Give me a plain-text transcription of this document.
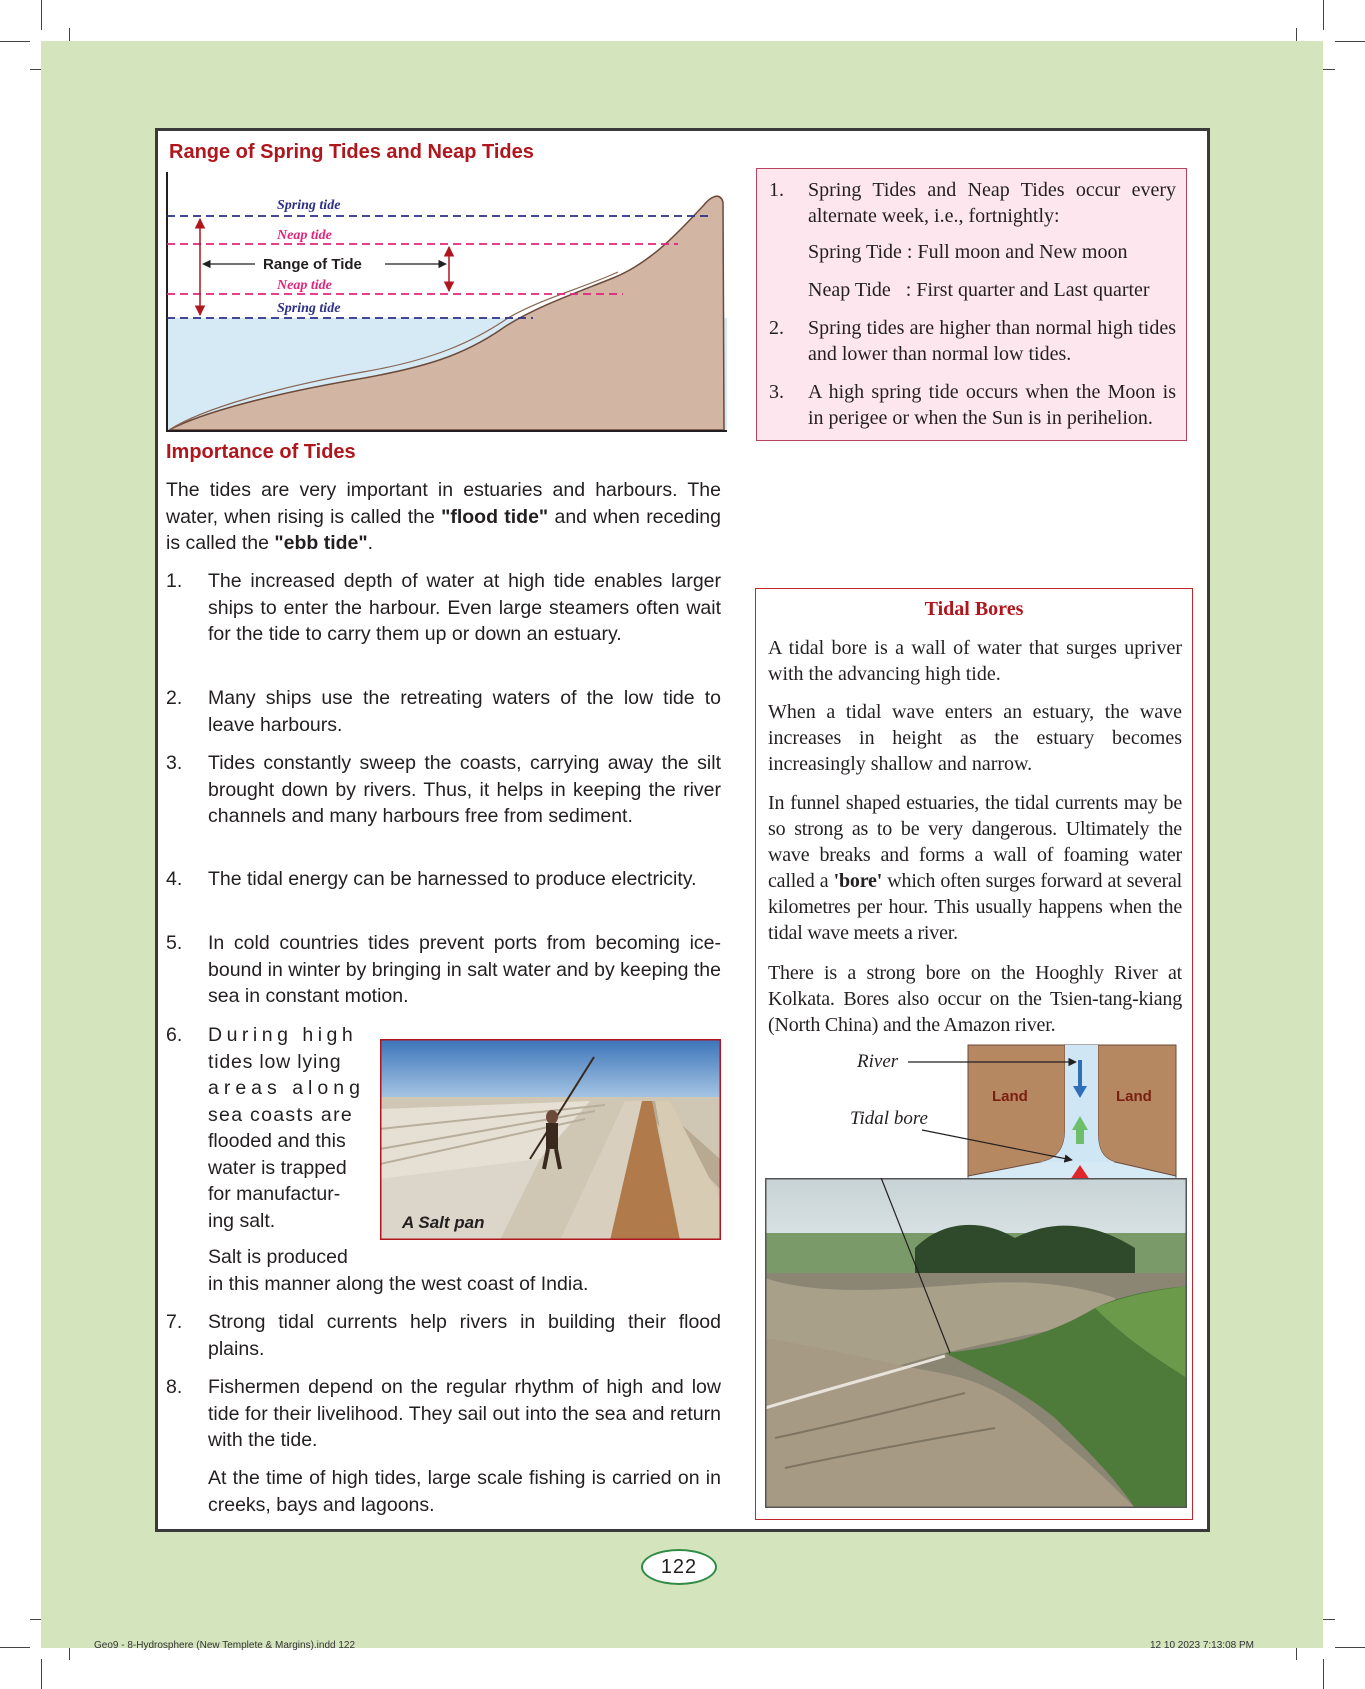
Range of Spring Tides and Neap Tides
Spring tide
Neap tide
Range of Tide
Neap tide
Spring tide
1. Spring Tides and Neap Tides occur every alternate week, i.e., fortnightly:
Spring Tide : Full moon and New moon
Neap Tide   : First quarter and Last quarter
2. Spring tides are higher than normal high tides and lower than normal low tides.
3. A high spring tide occurs when the Moon is in perigee or when the Sun is in perihelion.
Importance of Tides
The tides are very important in estuaries and harbours. The water, when rising is called the "flood tide" and when receding is called the "ebb tide".
1. The increased depth of water at high tide enables larger ships to enter the harbour. Even large steamers often wait for the tide to carry them up or down an estuary.
2. Many ships use the retreating waters of the low tide to leave harbours.
3. Tides constantly sweep the coasts, carrying away the silt brought down by rivers. Thus, it helps in keeping the river channels and many harbours free from sediment.
4. The tidal energy can be harnessed to produce electricity.
5. In cold countries tides prevent ports from becoming ice-bound in winter by bringing in salt water and by keeping the sea in constant motion.
6. During high
tides low lying
areas along
sea coasts are
flooded and this
water is trapped
for manufactur-
ing salt.	A Salt pan
Salt is produced
in this manner along the west coast of India.
7. Strong tidal currents help rivers in building their flood plains.
8. Fishermen depend on the regular rhythm of high and low tide for their livelihood. They sail out into the sea and return with the tide.
At the time of high tides, large scale fishing is carried on in creeks, bays and lagoons.
Tidal Bores
A tidal bore is a wall of water that surges upriver with the advancing high tide.
When a tidal wave enters an estuary, the wave increases in height as the estuary becomes increasingly shallow and narrow.
In funnel shaped estuaries, the tidal currents may be so strong as to be very dangerous. Ultimately the wave breaks and forms a wall of foaming water called a 'bore' which often surges forward at several kilometres per hour. This usually happens when the tidal wave meets a river.
There is a strong bore on the Hooghly River at Kolkata. Bores also occur on the Tsien-tang-kiang (North China) and the Amazon river.
Land	Land
River
Tidal bore
122
Geo9 - 8-Hydrosphere (New Templete & Margins).indd 122	12 10 2023 7:13:08 PM
